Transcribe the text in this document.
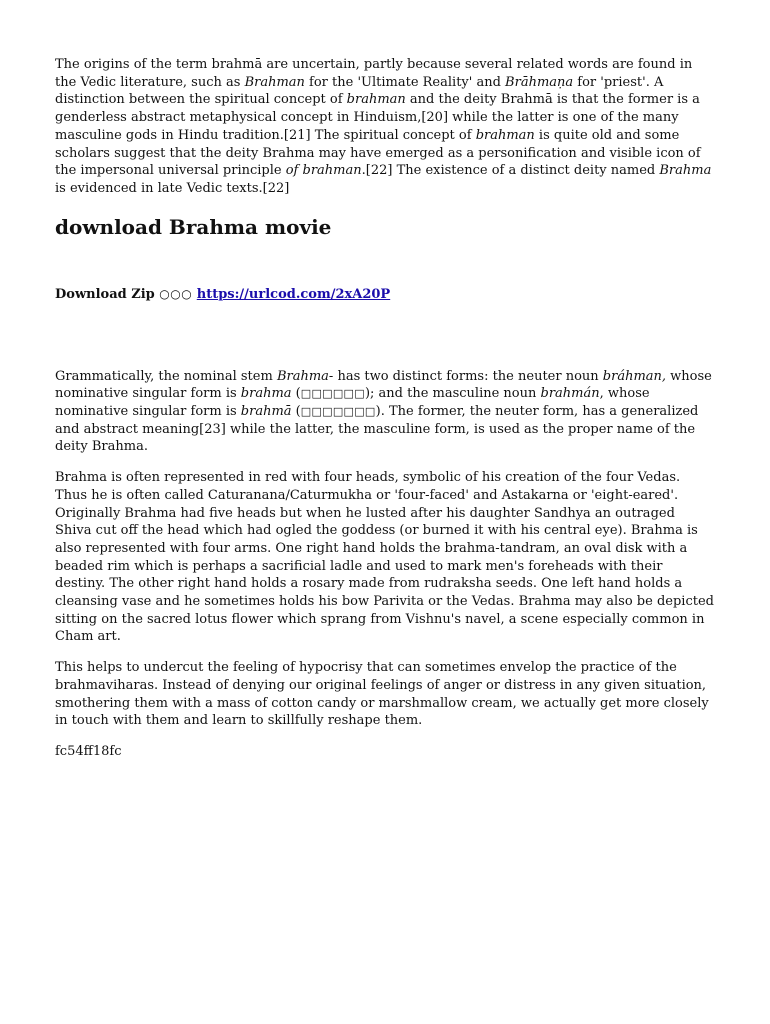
The origins of the term brahmā are uncertain, partly because several related words are found in the Vedic literature, such as Brahman for the 'Ultimate Reality' and Brāhmaṇa for 'priest'. A distinction between the spiritual concept of brahman and the deity Brahmā is that the former is a genderless abstract metaphysical concept in Hinduism,[20] while the latter is one of the many masculine gods in Hindu tradition.[21] The spiritual concept of brahman is quite old and some scholars suggest that the deity Brahma may have emerged as a personification and visible icon of the impersonal universal principle of brahman.[22] The existence of a distinct deity named Brahma is evidenced in late Vedic texts.[22]

download Brahma movie
Download Zip ○○○ https://urlcod.com/2xA20P

Grammatically, the nominal stem Brahma- has two distinct forms: the neuter noun bráhman, whose nominative singular form is brahma (□□□□□□); and the masculine noun brahmán, whose nominative singular form is brahmā (□□□□□□□). The former, the neuter form, has a generalized and abstract meaning[23] while the latter, the masculine form, is used as the proper name of the deity Brahma.

Brahma is often represented in red with four heads, symbolic of his creation of the four Vedas. Thus he is often called Caturanana/Caturmukha or 'four-faced' and Astakarna or 'eight-eared'. Originally Brahma had five heads but when he lusted after his daughter Sandhya an outraged Shiva cut off the head which had ogled the goddess (or burned it with his central eye). Brahma is also represented with four arms. One right hand holds the brahma-tandram, an oval disk with a beaded rim which is perhaps a sacrificial ladle and used to mark men's foreheads with their destiny. The other right hand holds a rosary made from rudraksha seeds. One left hand holds a cleansing vase and he sometimes holds his bow Parivita or the Vedas. Brahma may also be depicted sitting on the sacred lotus flower which sprang from Vishnu's navel, a scene especially common in Cham art.

This helps to undercut the feeling of hypocrisy that can sometimes envelop the practice of the brahmaviharas. Instead of denying our original feelings of anger or distress in any given situation, smothering them with a mass of cotton candy or marshmallow cream, we actually get more closely in touch with them and learn to skillfully reshape them.

fc54ff18fc
